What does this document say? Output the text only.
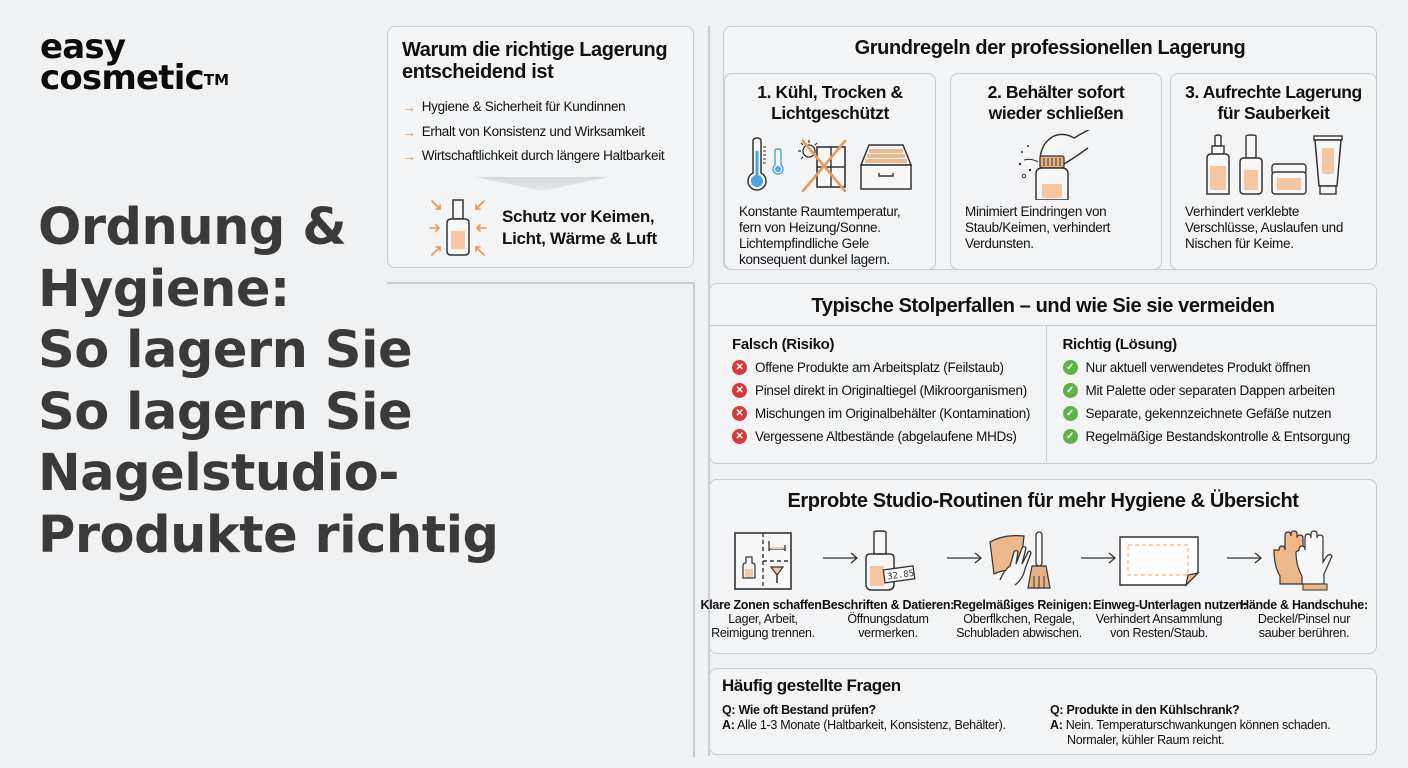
easy
cosmetic™
Ordnung &
Hygiene:
So lagern Sie
So lagern Sie
Nagelstudio-
Produkte richtig
Warum die richtige Lagerung entscheidend ist
→ Hygiene & Sicherheit für Kundinnen
→ Erhalt von Konsistenz und Wirksamkeit
→ Wirtschaftlichkeit durch längere Haltbarkeit
Schutz vor Keimen,
Licht, Wärme & Luft
Grundregeln der professionellen Lagerung
1. Kühl, Trocken &
Lichtgeschützt

Konstante Raumtemperatur, fern von Heizung/Sonne. Lichtempfindliche Gele konsequent dunkel lagern.

2. Behälter sofort
wieder schließen

Minimiert Eindringen von Staub/Keimen, verhindert Verdunsten.

3. Aufrechte Lagerung
für Sauberkeit

Verhindert verklebte Verschlüsse, Auslaufen und Nischen für Keime.

Typische Stolperfallen – und wie Sie sie vermeiden
Falsch (Risiko)
✕ Offene Produkte am Arbeitsplatz (Feilstaub)
✕ Pinsel direkt in Originaltiegel (Mikroorganismen)
✕ Mischungen im Originalbehälter (Kontamination)
✕ Vergessene Altbestände (abgelaufene MHDs)
Richtig (Lösung)
✓ Nur aktuell verwendetes Produkt öffnen
✓ Mit Palette oder separaten Dappen arbeiten
✓ Separate, gekennzeichnete Gefäße nutzen
✓ Regelmäßige Bestandskontrolle & Entsorgung
Erprobte Studio-Routinen für mehr Hygiene & Übersicht
Klare Zonen schaffen:
Lager, Arbeit,
Reimigung trennen.
32.85
Beschriften & Datieren:
Öffnungsdatum
vermerken.
Regelmäßiges Reinigen:
Oberflkchen, Regale,
Schubladen abwischen.
Einweg-Unterlagen nutzen:
Verhindert Ansammlung
von Resten/Staub.
Hände & Handschuhe:
Deckel/Pinsel nur
sauber berühren.
Häufig gestellte Fragen
Q: Wie oft Bestand prüfen?
A: Alle 1-3 Monate (Haltbarkeit, Konsistenz, Behälter).
Q: Produkte in den Kühlschrank?
A: Nein. Temperaturschwankungen können schaden.
Normaler, kühler Raum reicht.
